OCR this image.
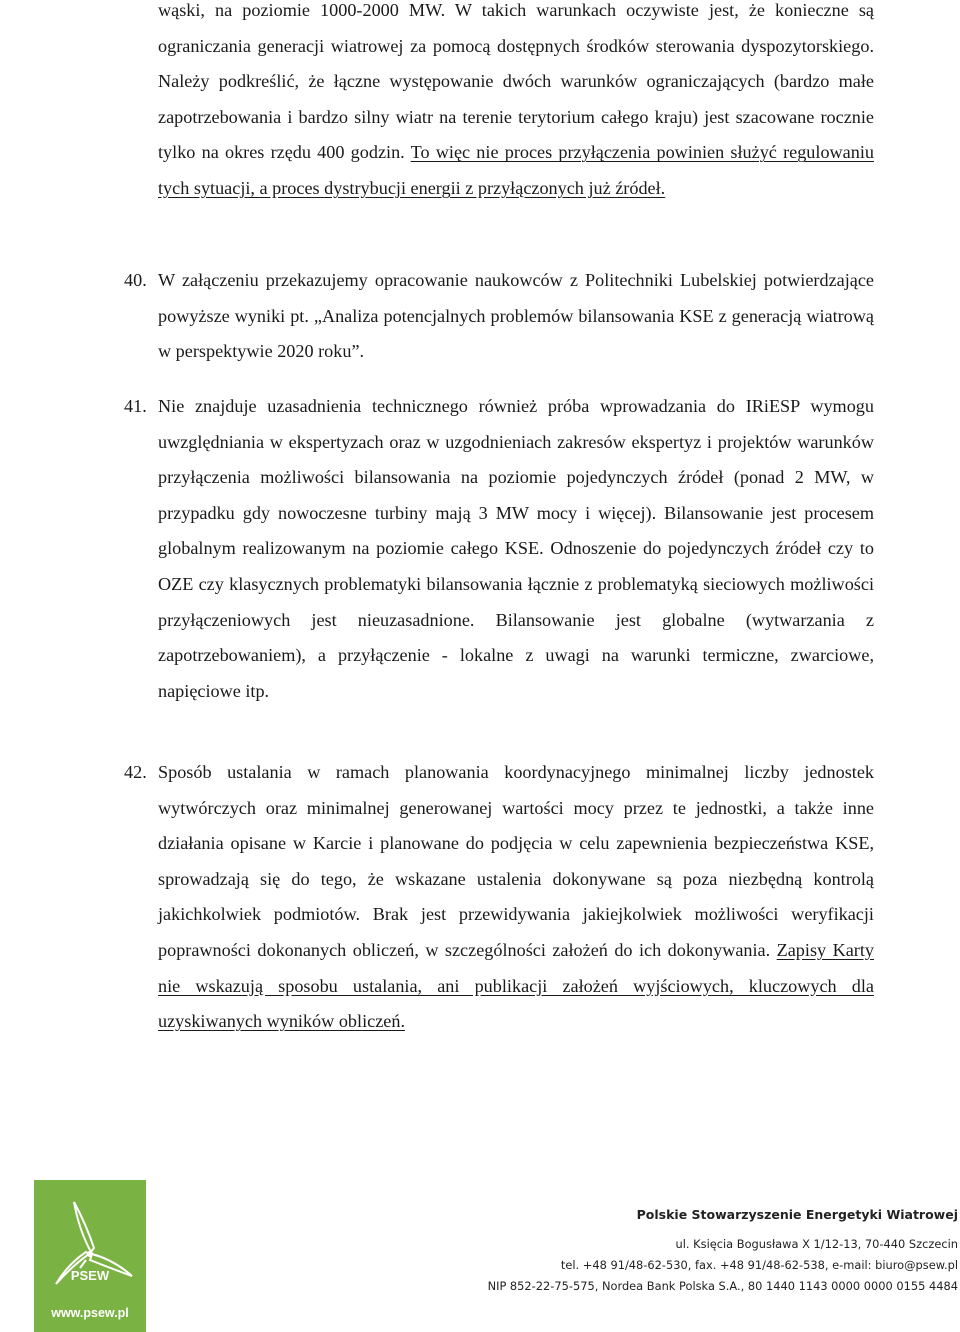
wąski, na poziomie 1000-2000 MW. W takich warunkach oczywiste jest, że konieczne są ograniczania generacji wiatrowej za pomocą dostępnych środków sterowania dyspozytorskiego. Należy podkreślić, że łączne występowanie dwóch warunków ograniczających (bardzo małe zapotrzebowania i bardzo silny wiatr na terenie terytorium całego kraju) jest szacowane rocznie tylko na okres rzędu 400 godzin. To więc nie proces przyłączenia powinien służyć regulowaniu tych sytuacji, a proces dystrybucji energii z przyłączonych już źródeł.

40. W załączeniu przekazujemy opracowanie naukowców z Politechniki Lubelskiej potwierdzające powyższe wyniki pt. „Analiza potencjalnych problemów bilansowania KSE z generacją wiatrową w perspektywie 2020 roku”.

41. Nie znajduje uzasadnienia technicznego również próba wprowadzania do IRiESP wymogu uwzględniania w ekspertyzach oraz w uzgodnieniach zakresów ekspertyz i projektów warunków przyłączenia możliwości bilansowania na poziomie pojedynczych źródeł (ponad 2 MW, w przypadku gdy nowoczesne turbiny mają 3 MW mocy i więcej). Bilansowanie jest procesem globalnym realizowanym na poziomie całego KSE. Odnoszenie do pojedynczych źródeł czy to OZE czy klasycznych problematyki bilansowania łącznie z problematyką sieciowych możliwości przyłączeniowych jest nieuzasadnione. Bilansowanie jest globalne (wytwarzania z zapotrzebowaniem), a przyłączenie - lokalne z uwagi na warunki termiczne, zwarciowe, napięciowe itp.

42. Sposób ustalania w ramach planowania koordynacyjnego minimalnej liczby jednostek wytwórczych oraz minimalnej generowanej wartości mocy przez te jednostki, a także inne działania opisane w Karcie i planowane do podjęcia w celu zapewnienia bezpieczeństwa KSE, sprowadzają się do tego, że wskazane ustalenia dokonywane są poza niezbędną kontrolą jakichkolwiek podmiotów. Brak jest przewidywania jakiejkolwiek możliwości weryfikacji poprawności dokonanych obliczeń, w szczególności założeń do ich dokonywania. Zapisy Karty nie wskazują sposobu ustalania, ani publikacji założeń wyjściowych, kluczowych dla uzyskiwanych wyników obliczeń.

PSEW
www.psew.pl
Polskie Stowarzyszenie Energetyki Wiatrowej
ul. Księcia Bogusława X 1/12-13, 70-440 Szczecin
tel. +48 91/48-62-530, fax. +48 91/48-62-538, e-mail: biuro@psew.pl
NIP 852-22-75-575, Nordea Bank Polska S.A., 80 1440 1143 0000 0000 0155 4484
